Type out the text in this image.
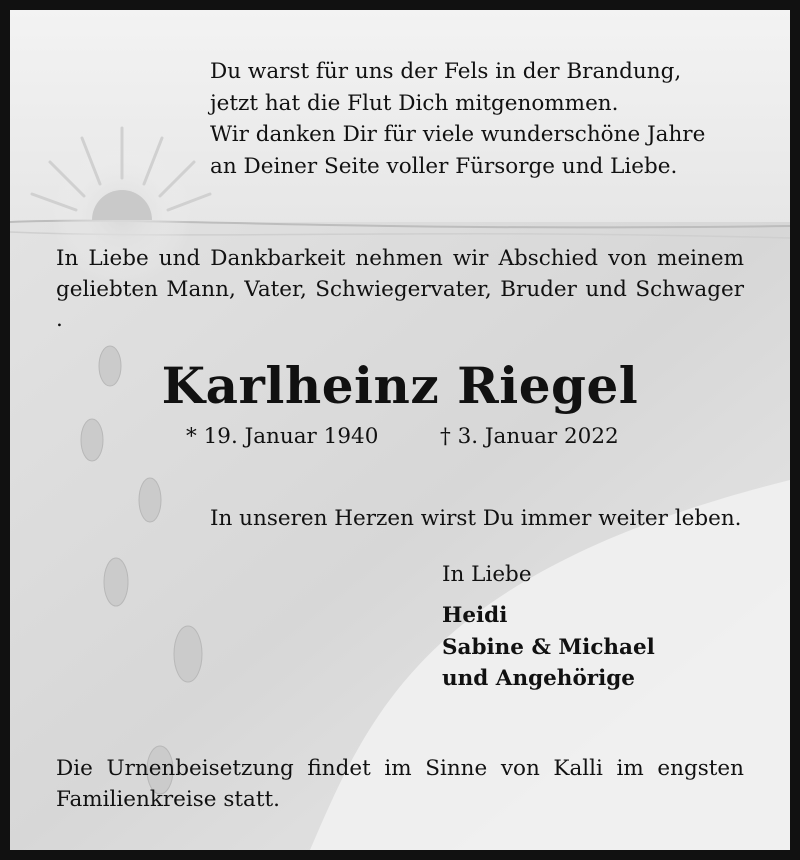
Du warst für uns der Fels in der Brandung,
jetzt hat die Flut Dich mitgenommen.
Wir danken Dir für viele wunderschöne Jahre
an Deiner Seite voller Fürsorge und Liebe.
In Liebe und Dankbarkeit nehmen wir Abschied von meinem geliebten Mann, Vater, Schwiegervater, Bruder und Schwager .
Karlheinz Riegel
* 19. Januar 1940	† 3. Januar 2022
In unseren Herzen wirst Du immer weiter leben.
In Liebe
Heidi
Sabine & Michael
und Angehörige
Die Urnenbeisetzung findet im Sinne von Kalli im engsten Familienkreise statt.
